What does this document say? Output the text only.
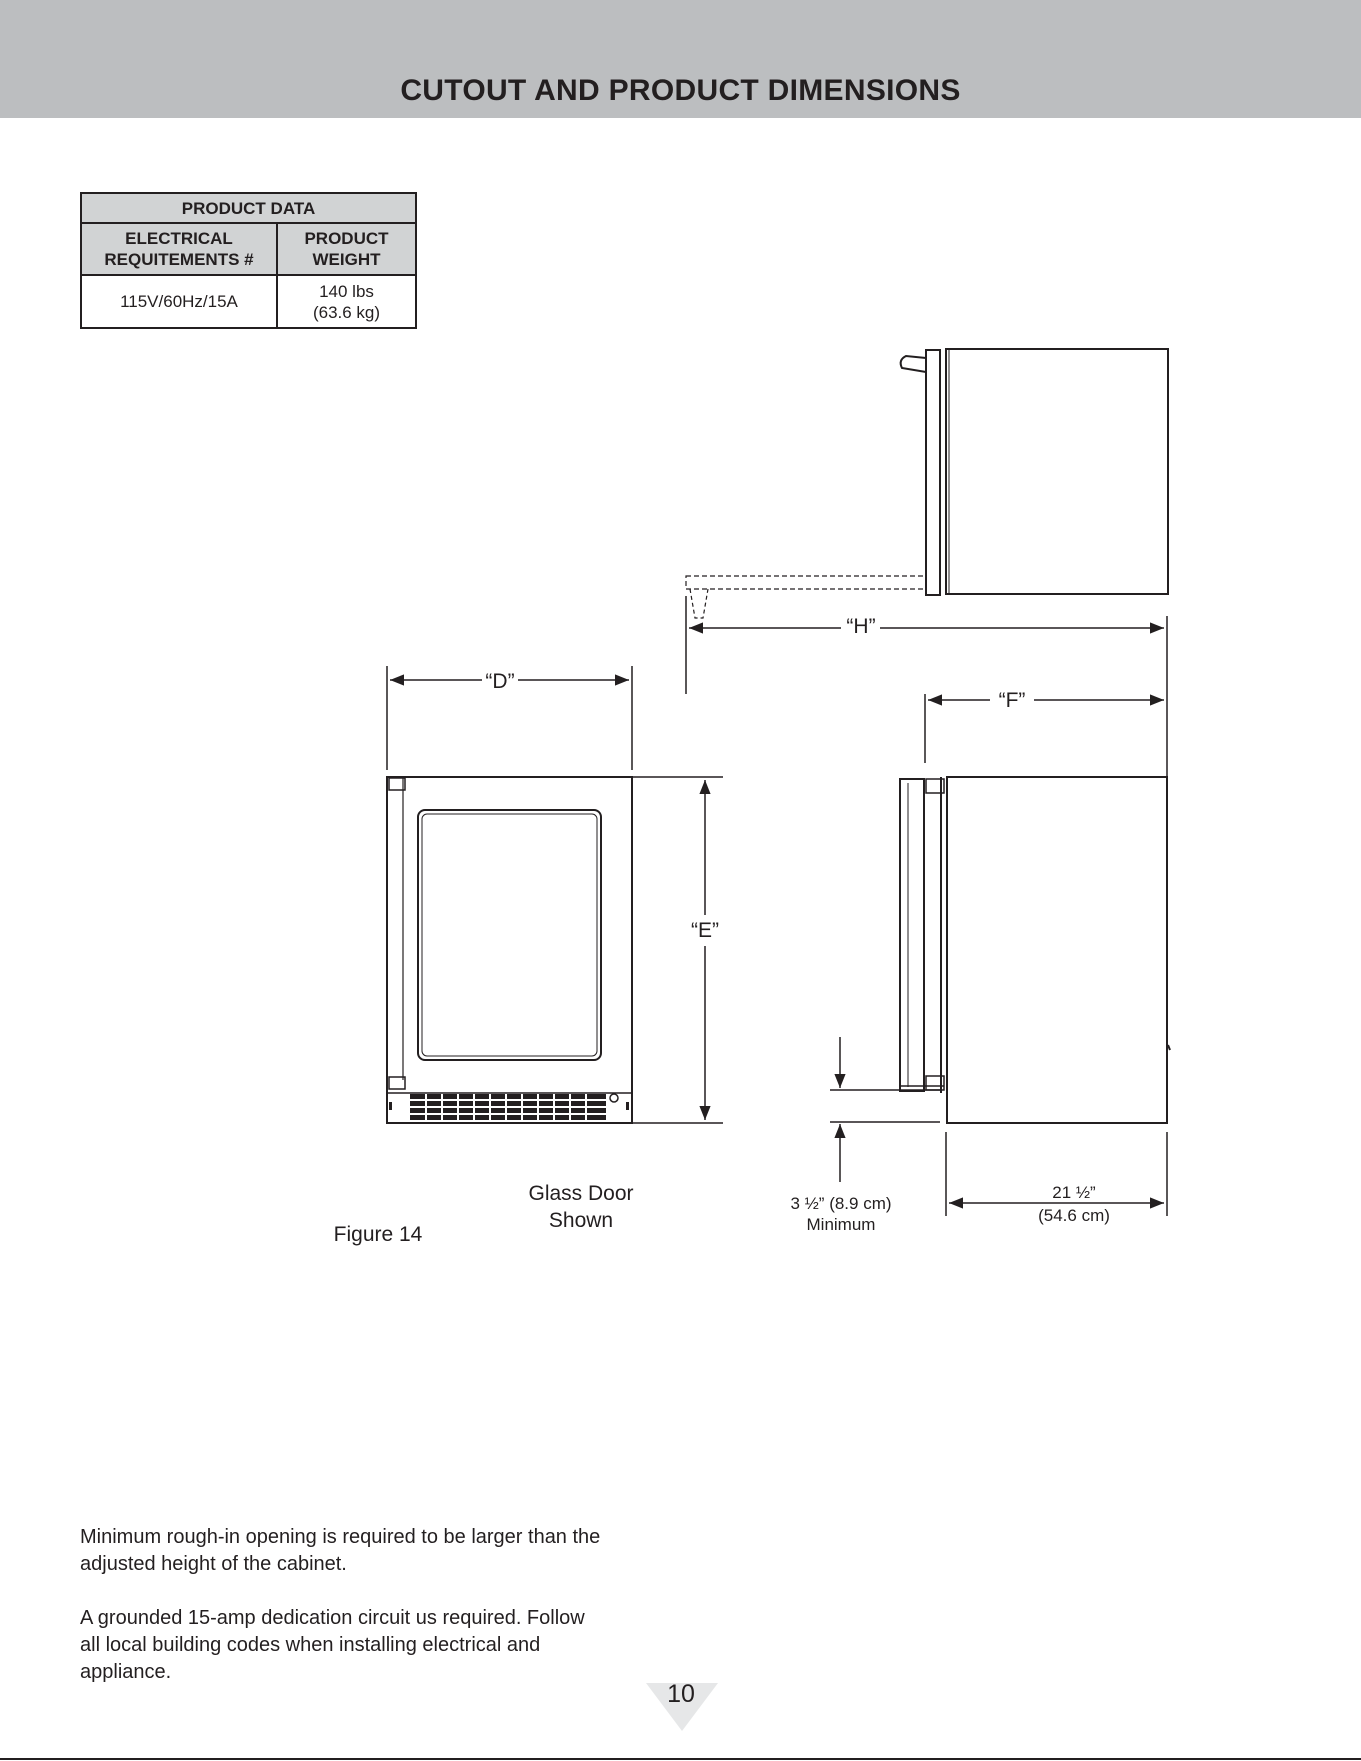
CUTOUT AND PRODUCT DIMENSIONS
PRODUCT DATA	

ELECTRICAL
REQUITEMENTS #	PRODUCT
WEIGHT

115V/60Hz/15A	140 lbs
(63.6 kg)
“D”
“E”
“H”
“F”
Figure 14
Glass Door
Shown
3 ½” (8.9 cm)
Minimum
21 ½”
(54.6 cm)
Minimum rough-in opening is required to be larger than the
adjusted height of the cabinet.
A grounded 15-amp dedication circuit us required. Follow
all local building codes when installing electrical and
appliance.
10
